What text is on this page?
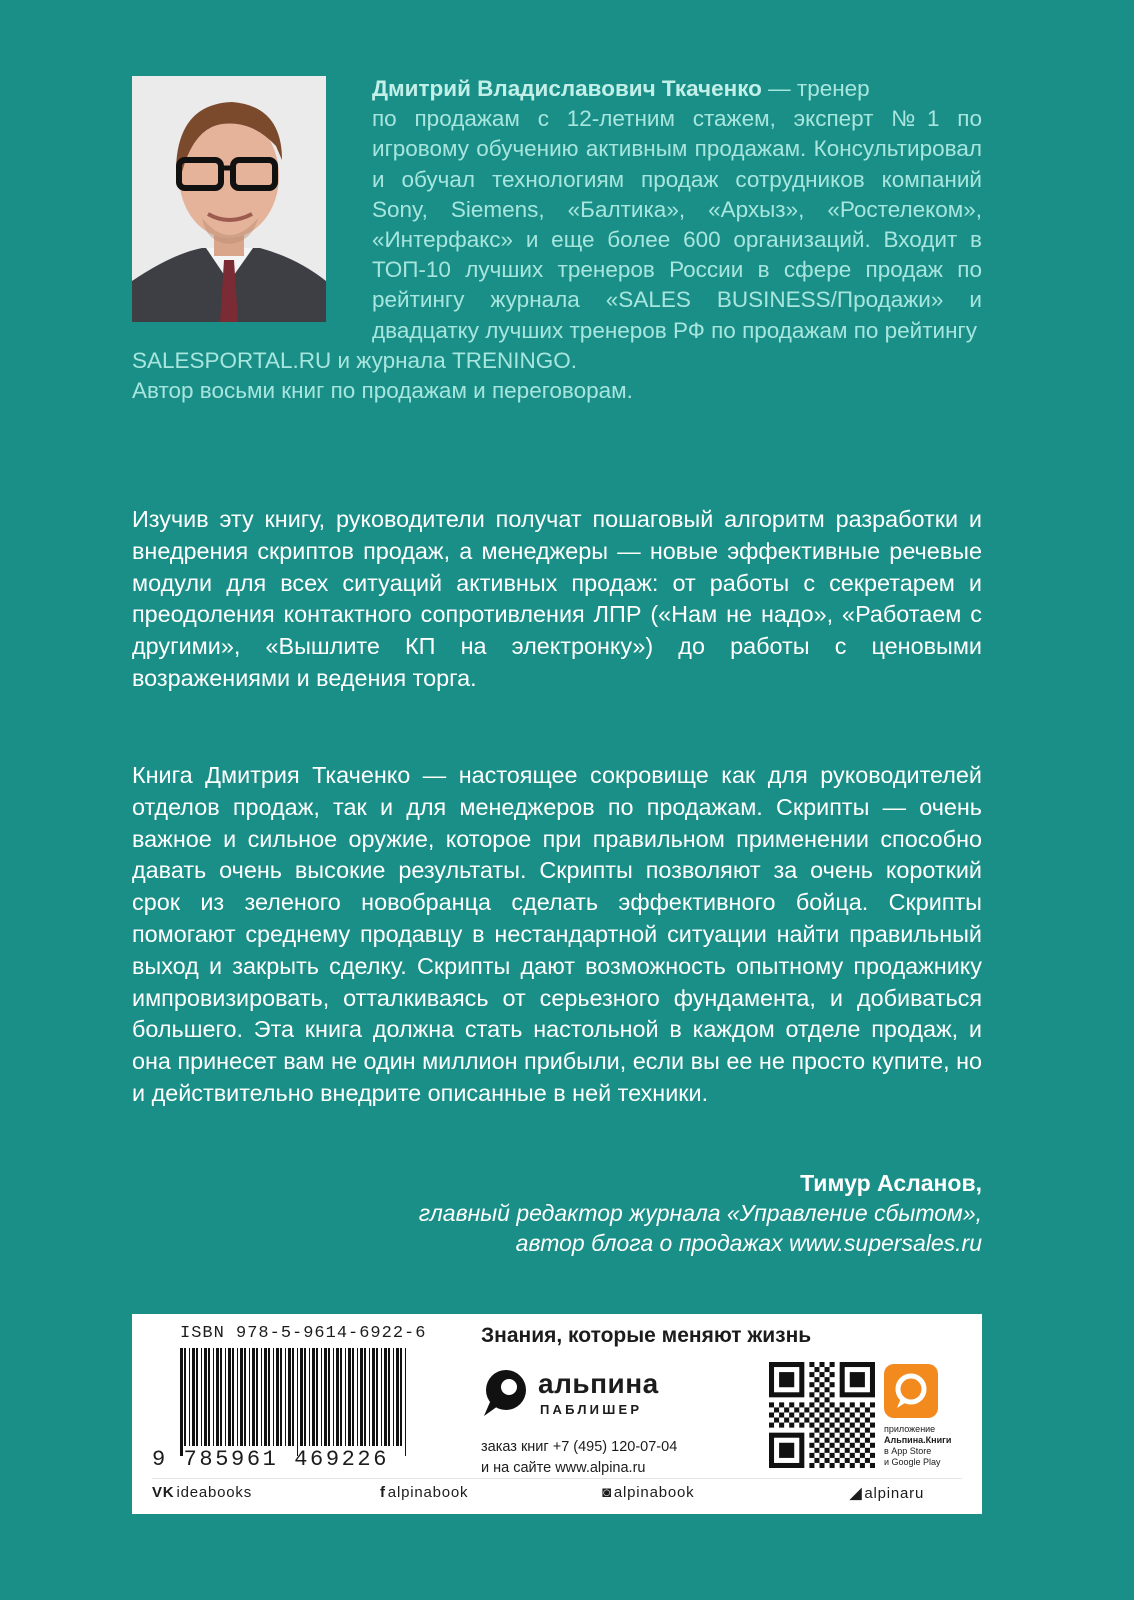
Дмитрий Владиславович Ткаченко — тренер
по продажам с 12-летним стажем, эксперт №1 по игровому обучению активным продажам. Консультировал и обучал технологиям продаж сотрудников компаний Sony, Siemens, «Балтика», «Архыз», «Ростелеком», «Интерфакс» и еще более 600 организаций. Входит в ТОП-10 лучших тренеров России в сфере продаж по рейтингу журнала «SALES BUSINESS/Продажи» и двадцатку лучших тренеров РФ по продажам по рейтингу
SALESPORTAL.RU и журнала TRENINGO.
Автор восьми книг по продажам и переговорам.
Изучив эту книгу, руководители получат пошаговый алгоритм разработки и внедрения скриптов продаж, а менеджеры — новые эффективные речевые модули для всех ситуаций активных продаж: от работы с секретарем и преодоления контактного сопротивления ЛПР («Нам не надо», «Работаем с другими», «Вышлите КП на электронку») до работы с ценовыми возражениями и ведения торга.
Книга Дмитрия Ткаченко — настоящее сокровище как для руководителей отделов продаж, так и для менеджеров по продажам. Скрипты — очень важное и сильное оружие, которое при правильном применении способно давать очень высокие результаты. Скрипты позволяют за очень короткий срок из зеленого новобранца сделать эффективного бойца. Скрипты помогают среднему продавцу в нестандартной ситуации найти правильный выход и закрыть сделку. Скрипты дают возможность опытному продажнику импровизировать, отталкиваясь от серьезного фундамента, и добиваться большего. Эта книга должна стать настольной в каждом отделе продаж, и она принесет вам не один миллион прибыли, если вы ее не просто купите, но и действительно внедрите описанные в ней техники.
Тимур Асланов,
главный редактор журнала «Управление сбытом»,
автор блога о продажах www.supersales.ru
ISBN 978-5-9614-6922-6
9 785961 469226
Знания, которые меняют жизнь
альпина
ПАБЛИШЕР
заказ книг +7 (495) 120-07-04
и на сайте www.alpina.ru
приложение
Альпина.Книги
в App Store
и Google Play
VK ideabooks	f alpinabook	◙ alpinabook	◢ alpinaru
